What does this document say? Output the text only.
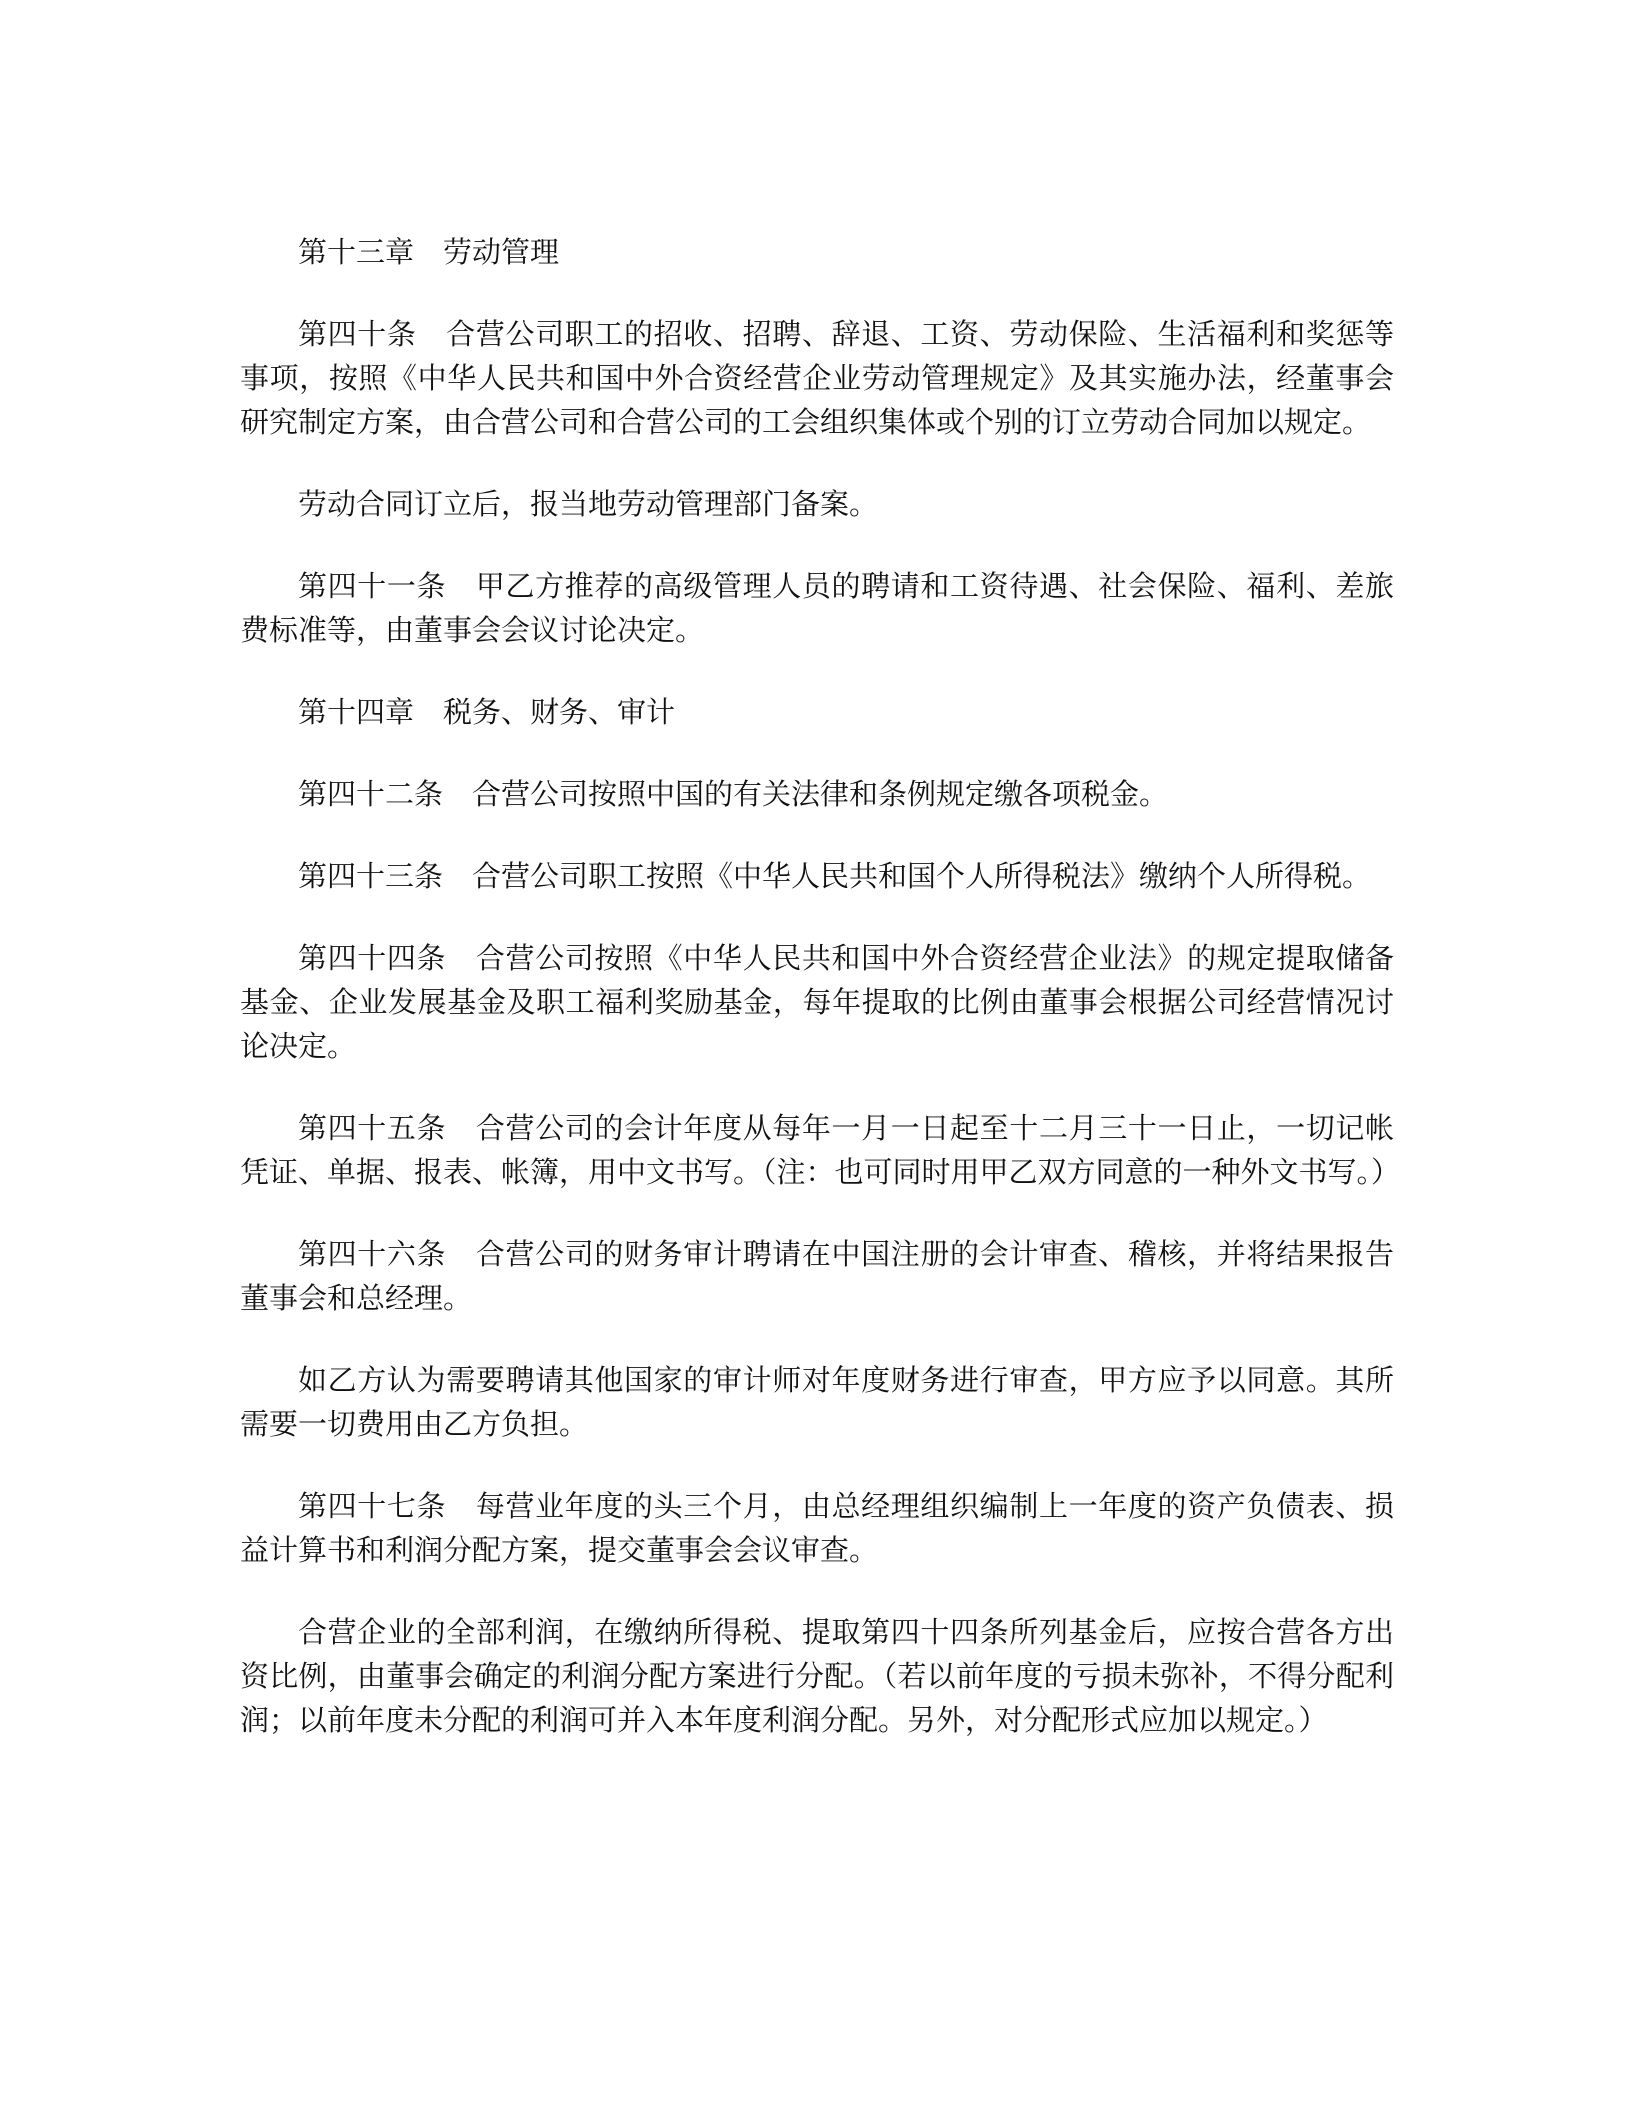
第十三章　劳动管理

第四十条　合营公司职工的招收、招聘、辞退、工资、劳动保险、生活福利和奖惩等事项，按照《中华人民共和国中外合资经营企业劳动管理规定》及其实施办法，经董事会研究制定方案，由合营公司和合营公司的工会组织集体或个别的订立劳动合同加以规定。

劳动合同订立后，报当地劳动管理部门备案。

第四十一条　甲乙方推荐的高级管理人员的聘请和工资待遇、社会保险、福利、差旅费标准等，由董事会会议讨论决定。

第十四章　税务、财务、审计

第四十二条　合营公司按照中国的有关法律和条例规定缴各项税金。

第四十三条　合营公司职工按照《中华人民共和国个人所得税法》缴纳个人所得税。

第四十四条　合营公司按照《中华人民共和国中外合资经营企业法》的规定提取储备基金、企业发展基金及职工福利奖励基金，每年提取的比例由董事会根据公司经营情况讨论决定。

第四十五条　合营公司的会计年度从每年一月一日起至十二月三十一日止，一切记帐凭证、单据、报表、帐簿，用中文书写。（注：也可同时用甲乙双方同意的一种外文书写。）

第四十六条　合营公司的财务审计聘请在中国注册的会计审查、稽核，并将结果报告董事会和总经理。

如乙方认为需要聘请其他国家的审计师对年度财务进行审查，甲方应予以同意。其所需要一切费用由乙方负担。

第四十七条　每营业年度的头三个月，由总经理组织编制上一年度的资产负债表、损益计算书和利润分配方案，提交董事会会议审查。

合营企业的全部利润，在缴纳所得税、提取第四十四条所列基金后，应按合营各方出资比例，由董事会确定的利润分配方案进行分配。（若以前年度的亏损未弥补，不得分配利润；以前年度未分配的利润可并入本年度利润分配。另外，对分配形式应加以规定。）
